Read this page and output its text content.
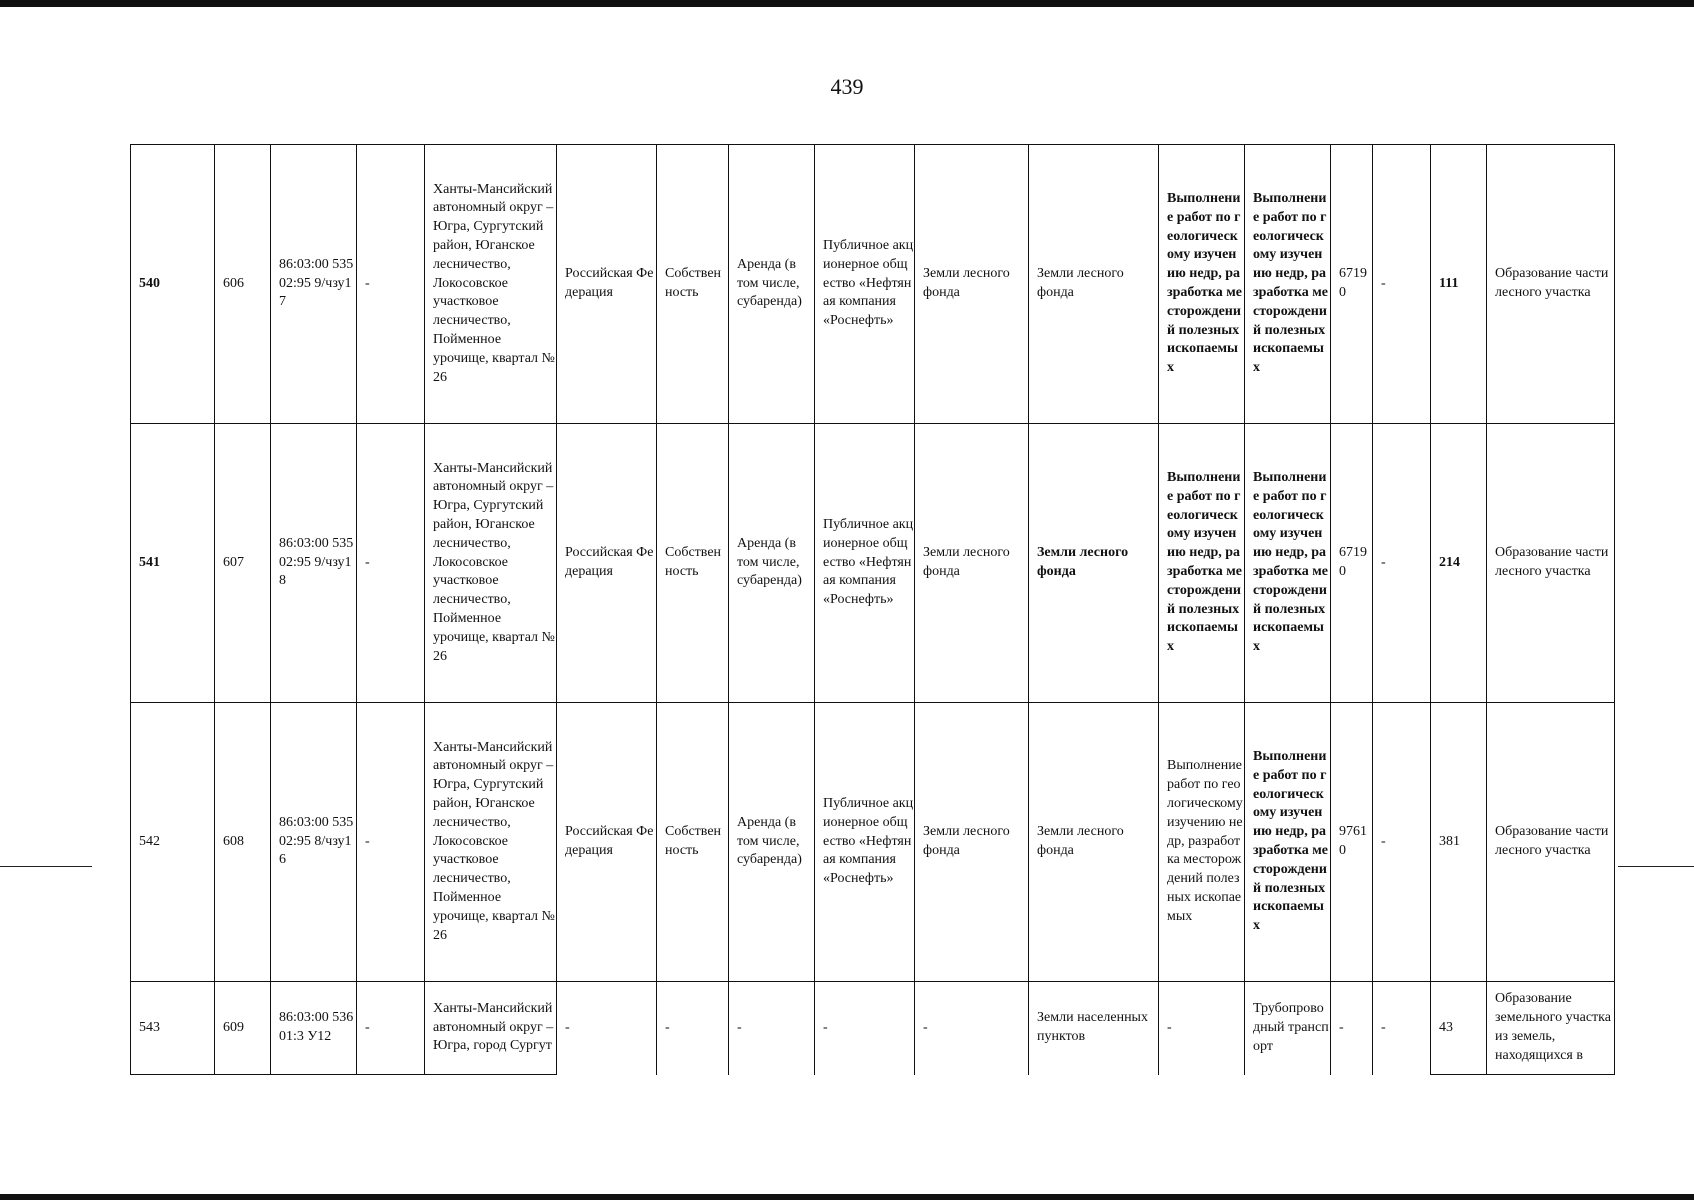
439
540	606	86:03:00 53502:95 9/чзу17	-	Ханты-Мансийский автономный округ – Югра, Сургутский район, Юганское лесничество, Локосовское участковое лесничество, Пойменное урочище, квартал № 26	Российская Федерация	Собственность	Аренда (в том числе, субаренда)	Публичное акционерное общество «Нефтяная компания «Роснефть»	Земли лесного фонда	Земли лесного фонда	Выполнение работ по геологическому изучению недр, разработка месторождений полезных ископаемых	Выполнение работ по геологическому изучению недр, разработка месторождений полезных ископаемых	67190	-	111	Образование части лесного участка

541	607	86:03:00 53502:95 9/чзу18	-	Ханты-Мансийский автономный округ – Югра, Сургутский район, Юганское лесничество, Локосовское участковое лесничество, Пойменное урочище, квартал № 26	Российская Федерация	Собственность	Аренда (в том числе, субаренда)	Публичное акционерное общество «Нефтяная компания «Роснефть»	Земли лесного фонда	Земли лесного фонда	Выполнение работ по геологическому изучению недр, разработка месторождений полезных ископаемых	Выполнение работ по геологическому изучению недр, разработка месторождений полезных ископаемых	67190	-	214	Образование части лесного участка

542	608	86:03:00 53502:95 8/чзу16	-	Ханты-Мансийский автономный округ – Югра, Сургутский район, Юганское лесничество, Локосовское участковое лесничество, Пойменное урочище, квартал № 26	Российская Федерация	Собственность	Аренда (в том числе, субаренда)	Публичное акционерное общество «Нефтяная компания «Роснефть»	Земли лесного фонда	Земли лесного фонда	Выполнение работ по геологическому изучению недр, разработка месторождений полезных ископаемых	Выполнение работ по геологическому изучению недр, разработка месторождений полезных ископаемых	97610	-	381	Образование части лесного участка

543	609	86:03:00 53601:3 У12	-	Ханты-Мансийский автономный округ – Югра, город Сургут	-	-	-	-	-	Земли населенных пунктов	-	Трубопроводный транспорт	-	-	43	Образование земельного участка из земель, находящихся в
